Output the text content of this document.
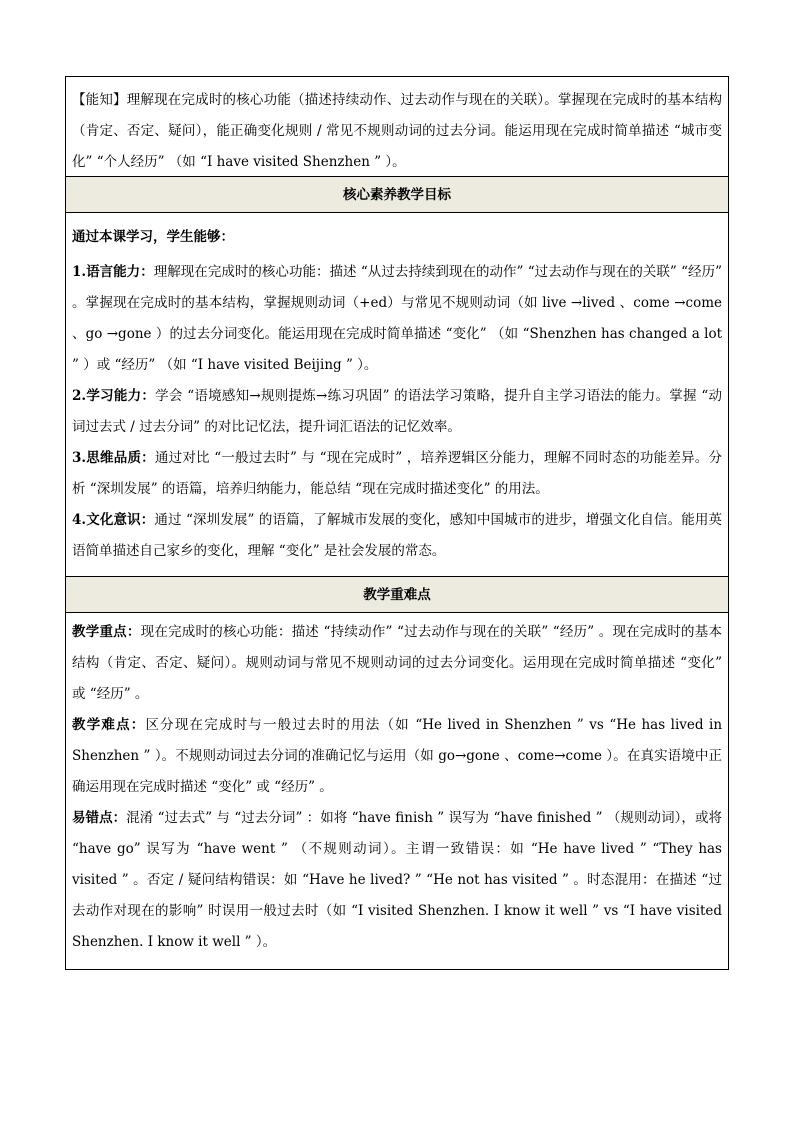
【能知】理解现在完成时的核心功能（描述持续动作、过去动作与现在的关联）。掌握现在完成时的基本结构（肯定、否定、疑问），能正确变化规则 / 常见不规则动词的过去分词。能运用现在完成时简单描述 “城市变化” “个人经历” （如 “I have visited Shenzhen ” ）。

核心素养教学目标

通过本课学习，学生能够：

1.语言能力：理解现在完成时的核心功能：描述 “从过去持续到现在的动作” “过去动作与现在的关联” “经历” 。掌握现在完成时的基本结构，掌握规则动词（+ed）与常见不规则动词（如 live →lived 、come →come 、go →gone ）的过去分词变化。能运用现在完成时简单描述 “变化” （如 “Shenzhen has changed a lot ” ）或 “经历” （如 “I have visited Beijing ” ）。

2.学习能力：学会 “语境感知→规则提炼→练习巩固” 的语法学习策略，提升自主学习语法的能力。掌握 “动词过去式 / 过去分词” 的对比记忆法，提升词汇语法的记忆效率。

3.思维品质：通过对比 “一般过去时” 与 “现在完成时” ，培养逻辑区分能力，理解不同时态的功能差异。分析 “深圳发展” 的语篇，培养归纳能力，能总结 “现在完成时描述变化” 的用法。

4.文化意识：通过 “深圳发展” 的语篇，了解城市发展的变化，感知中国城市的进步，增强文化自信。能用英语简单描述自己家乡的变化，理解 “变化” 是社会发展的常态。

教学重难点

教学重点：现在完成时的核心功能：描述 “持续动作” “过去动作与现在的关联” “经历” 。现在完成时的基本结构（肯定、否定、疑问）。规则动词与常见不规则动词的过去分词变化。运用现在完成时简单描述 “变化” 或 “经历” 。

教学难点：区分现在完成时与一般过去时的用法（如 “He lived in Shenzhen ” vs “He has lived in Shenzhen ” ）。不规则动词过去分词的准确记忆与运用（如 go→gone 、come→come ）。在真实语境中正确运用现在完成时描述 “变化” 或 “经历” 。

易错点：混淆 “过去式” 与 “过去分词” ：如将 “have finish ” 误写为 “have finished ” （规则动词），或将 “have go” 误写为 “have went ” （不规则动词）。主谓一致错误：如 “He have lived ” “They has visited ” 。否定 / 疑问结构错误：如 “Have he lived? ” “He not has visited ” 。时态混用：在描述 “过去动作对现在的影响” 时误用一般过去时（如 “I visited Shenzhen. I know it well ” vs “I have visited Shenzhen. I know it well ” ）。
